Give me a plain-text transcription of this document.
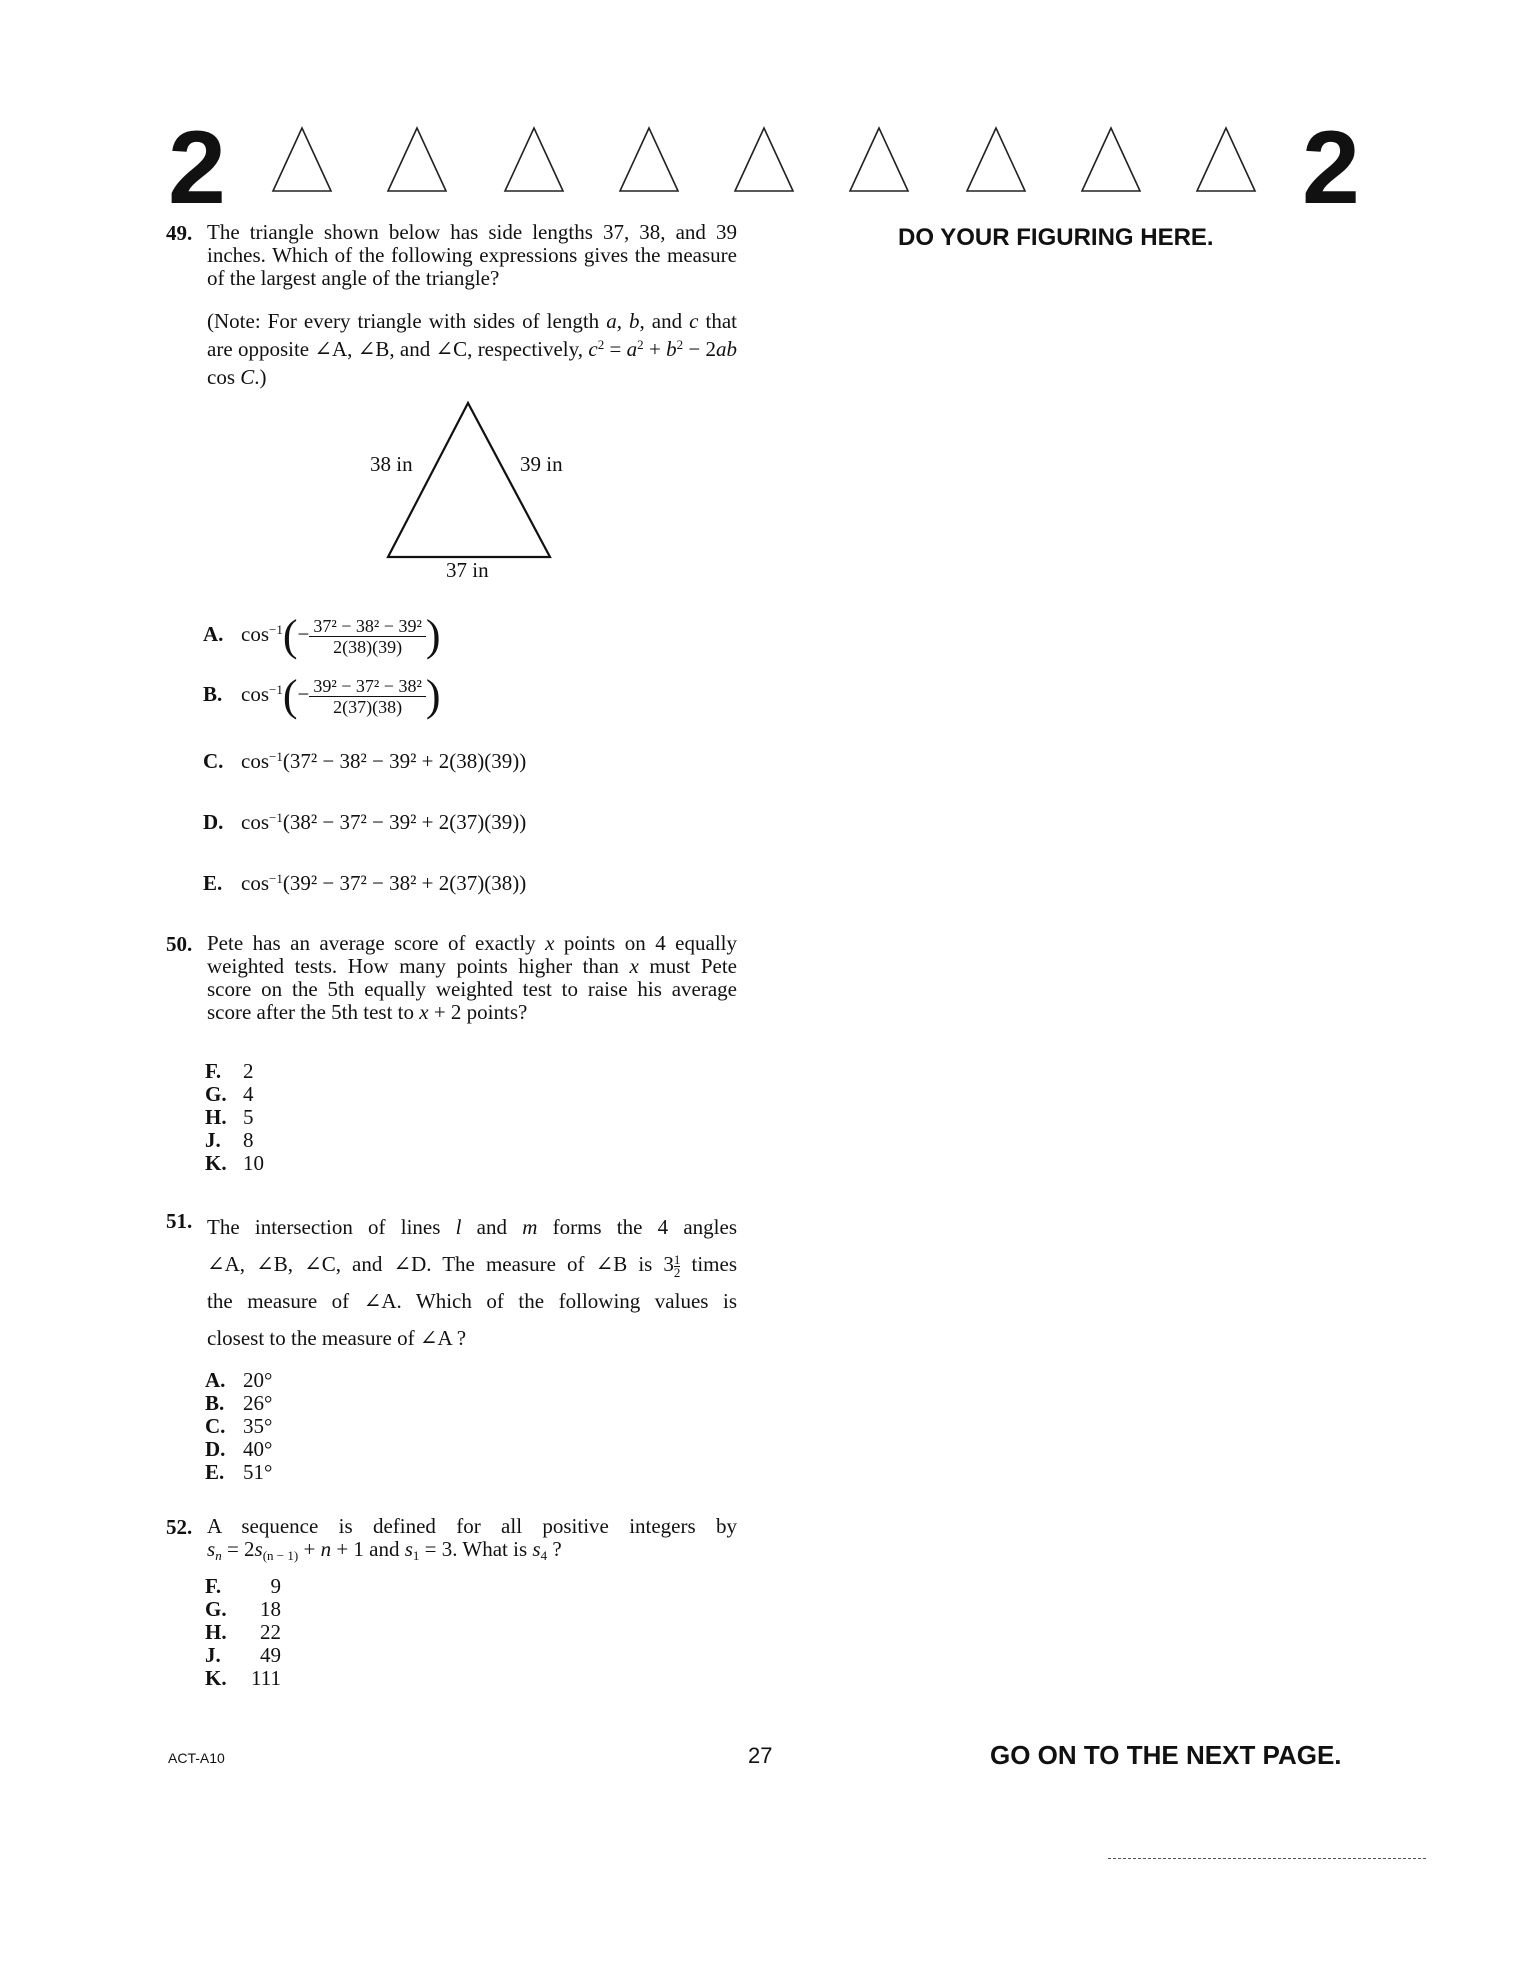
2	2
DO YOUR FIGURING HERE.
49. The triangle shown below has side lengths 37, 38, and 39 inches. Which of the following expressions gives the measure of the largest angle of the triangle?
(Note: For every triangle with sides of length a, b, and c that are opposite ∠A, ∠B, and ∠C, respectively, $c^2 = a^2 + b^2 - 2ab$ cos C.)
38 in	39 in
37 in
A. $\cos^{-1}(- \frac{\text{37² − 38² − 39²}}{2(38)(39)}$ )
B. $\cos^{-1}(- \frac{\text{39² − 37² − 38²}}{2(37)(38)}$ )
C. $\cos^{-1}(37^2 - 38^2 - 39^2 + 2(38)(39))$
D. $\cos^{-1}(38^2 - 37^2 - 39^2 + 2(37)(39))$
E. $\cos^{-1}(39^2 - 37^2 - 38^2 + 2(37)(38))$
50. Pete has an average score of exactly x points on 4 equally weighted tests. How many points higher than x must Pete score on the 5th equally weighted test to raise his average score after the 5th test to x + 2 points?
F. 2
G. 4
H. 5
J. 8
K. 10
51. The intersection of lines l and m forms the 4 angles
∠A, ∠B, ∠C, and ∠D. The measure of ∠B is $3 \frac{1}{2}$ times
the measure of ∠A. Which of the following values is
closest to the measure of ∠A ?
A. 20°
B. 26°
C. 35°
D. 40°
E. 51°
52. A sequence is defined for all positive integers by
$s_n = 2s_{(n - 1)} + n + 1$ and $s_1 = 3$. What is $s_4$ ?
F. 9
G. 18
H. 22
J. 49
K. 111
ACT-A10	27	GO ON TO THE NEXT PAGE.
